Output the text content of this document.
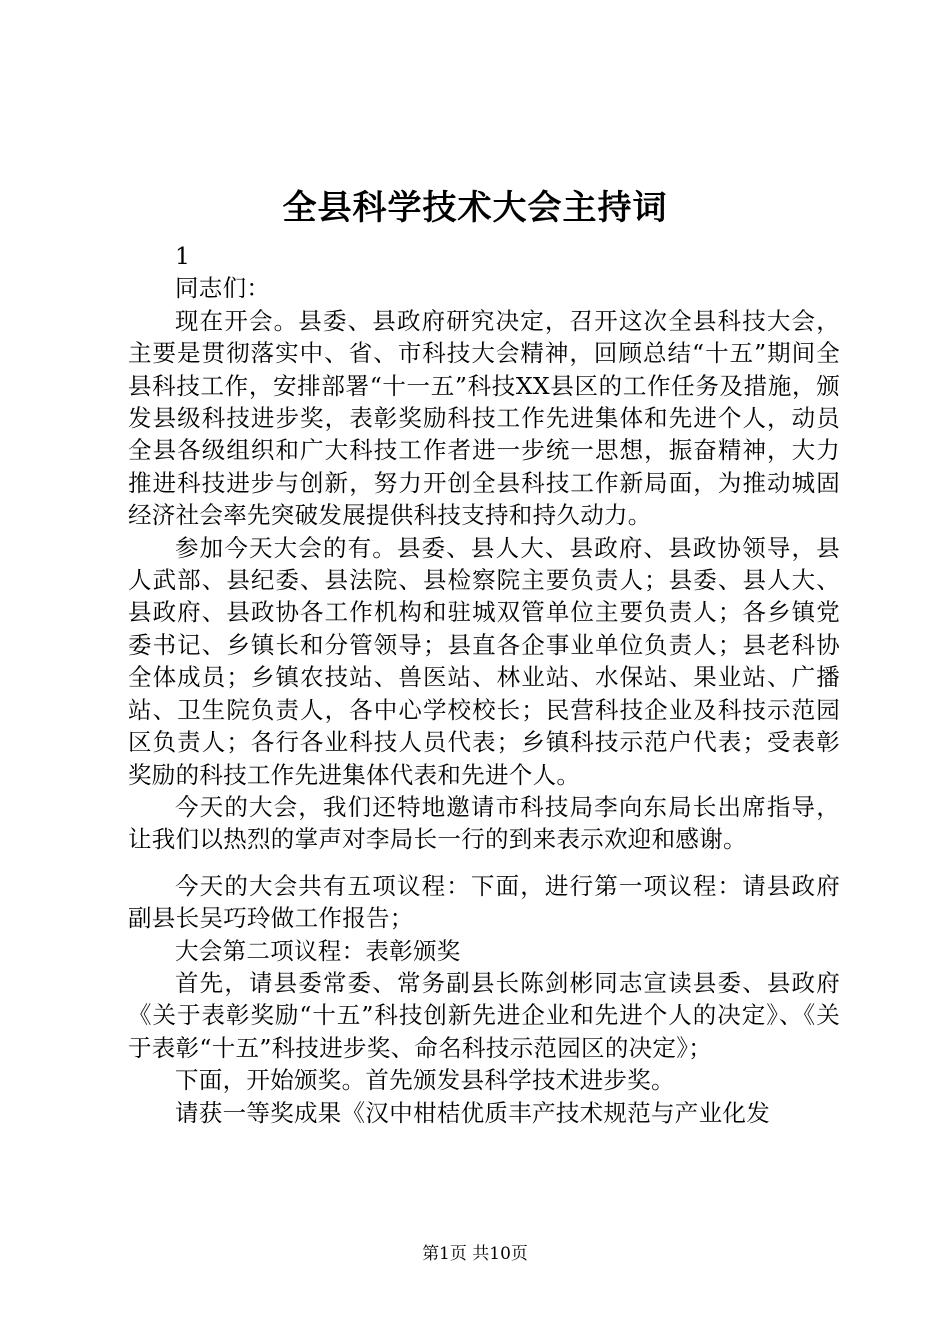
全县科学技术大会主持词

1

同志们：

现在开会。县委、县政府研究决定，召开这次全县科技大会，主要是贯彻落实中、省、市科技大会精神，回顾总结“十五”期间全县科技工作，安排部署“十一五”科技XX县区的工作任务及措施，颁发县级科技进步奖，表彰奖励科技工作先进集体和先进个人，动员全县各级组织和广大科技工作者进一步统一思想，振奋精神，大力推进科技进步与创新，努力开创全县科技工作新局面，为推动城固经济社会率先突破发展提供科技支持和持久动力。

参加今天大会的有。县委、县人大、县政府、县政协领导，县人武部、县纪委、县法院、县检察院主要负责人；县委、县人大、县政府、县政协各工作机构和驻城双管单位主要负责人；各乡镇党委书记、乡镇长和分管领导；县直各企事业单位负责人；县老科协全体成员；乡镇农技站、兽医站、林业站、水保站、果业站、广播站、卫生院负责人，各中心学校校长；民营科技企业及科技示范园区负责人；各行各业科技人员代表；乡镇科技示范户代表；受表彰奖励的科技工作先进集体代表和先进个人。

今天的大会，我们还特地邀请市科技局李向东局长出席指导，让我们以热烈的掌声对李局长一行的到来表示欢迎和感谢。

今天的大会共有五项议程：下面，进行第一项议程：请县政府副县长吴巧玲做工作报告；

大会第二项议程：表彰颁奖

首先，请县委常委、常务副县长陈剑彬同志宣读县委、县政府《关于表彰奖励“十五”科技创新先进企业和先进个人的决定》、《关于表彰“十五”科技进步奖、命名科技示范园区的决定》；

下面，开始颁奖。首先颁发县科学技术进步奖。

请获一等奖成果《汉中柑桔优质丰产技术规范与产业化发

第1页 共10页
